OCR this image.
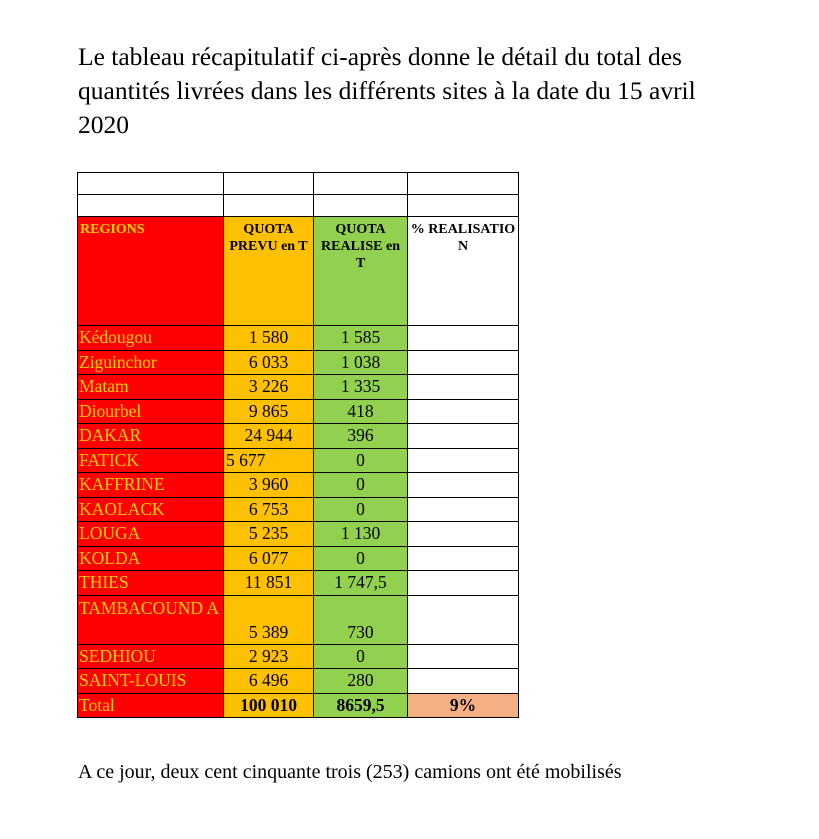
Le tableau récapitulatif ci-après donne le détail du total des quantités livrées dans les différents sites à la date du 15 avril 2020

REGIONS	QUOTA PREVU en T	QUOTA REALISE en T	% REALISATIO N
Kédougou	1 580	1 585	
Ziguinchor	6 033	1 038	
Matam	3 226	1 335	
Diourbel	9 865	418	
DAKAR	24 944	396	
FATICK	5 677	0	
KAFFRINE	3 960	0	
KAOLACK	6 753	0	
LOUGA	5 235	1 130	
KOLDA	6 077	0	
THIES	11 851	1 747,5	
TAMBACOUND A	5 389	730	
SEDHIOU	2 923	0	
SAINT-LOUIS	6 496	280	
Total	100 010	8659,5	9%

A ce jour, deux cent cinquante trois (253) camions ont été mobilisés
